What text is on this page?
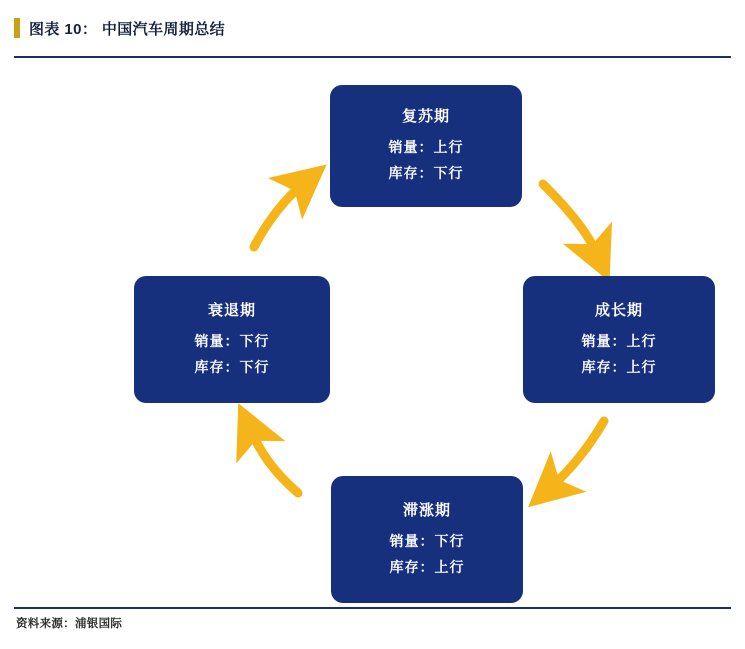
图表 10： 中国汽车周期总结
复苏期
销量：上行
库存：下行
成长期
销量：上行
库存：上行
滞涨期
销量：下行
库存：上行
衰退期
销量：下行
库存：下行
资料来源：浦银国际
